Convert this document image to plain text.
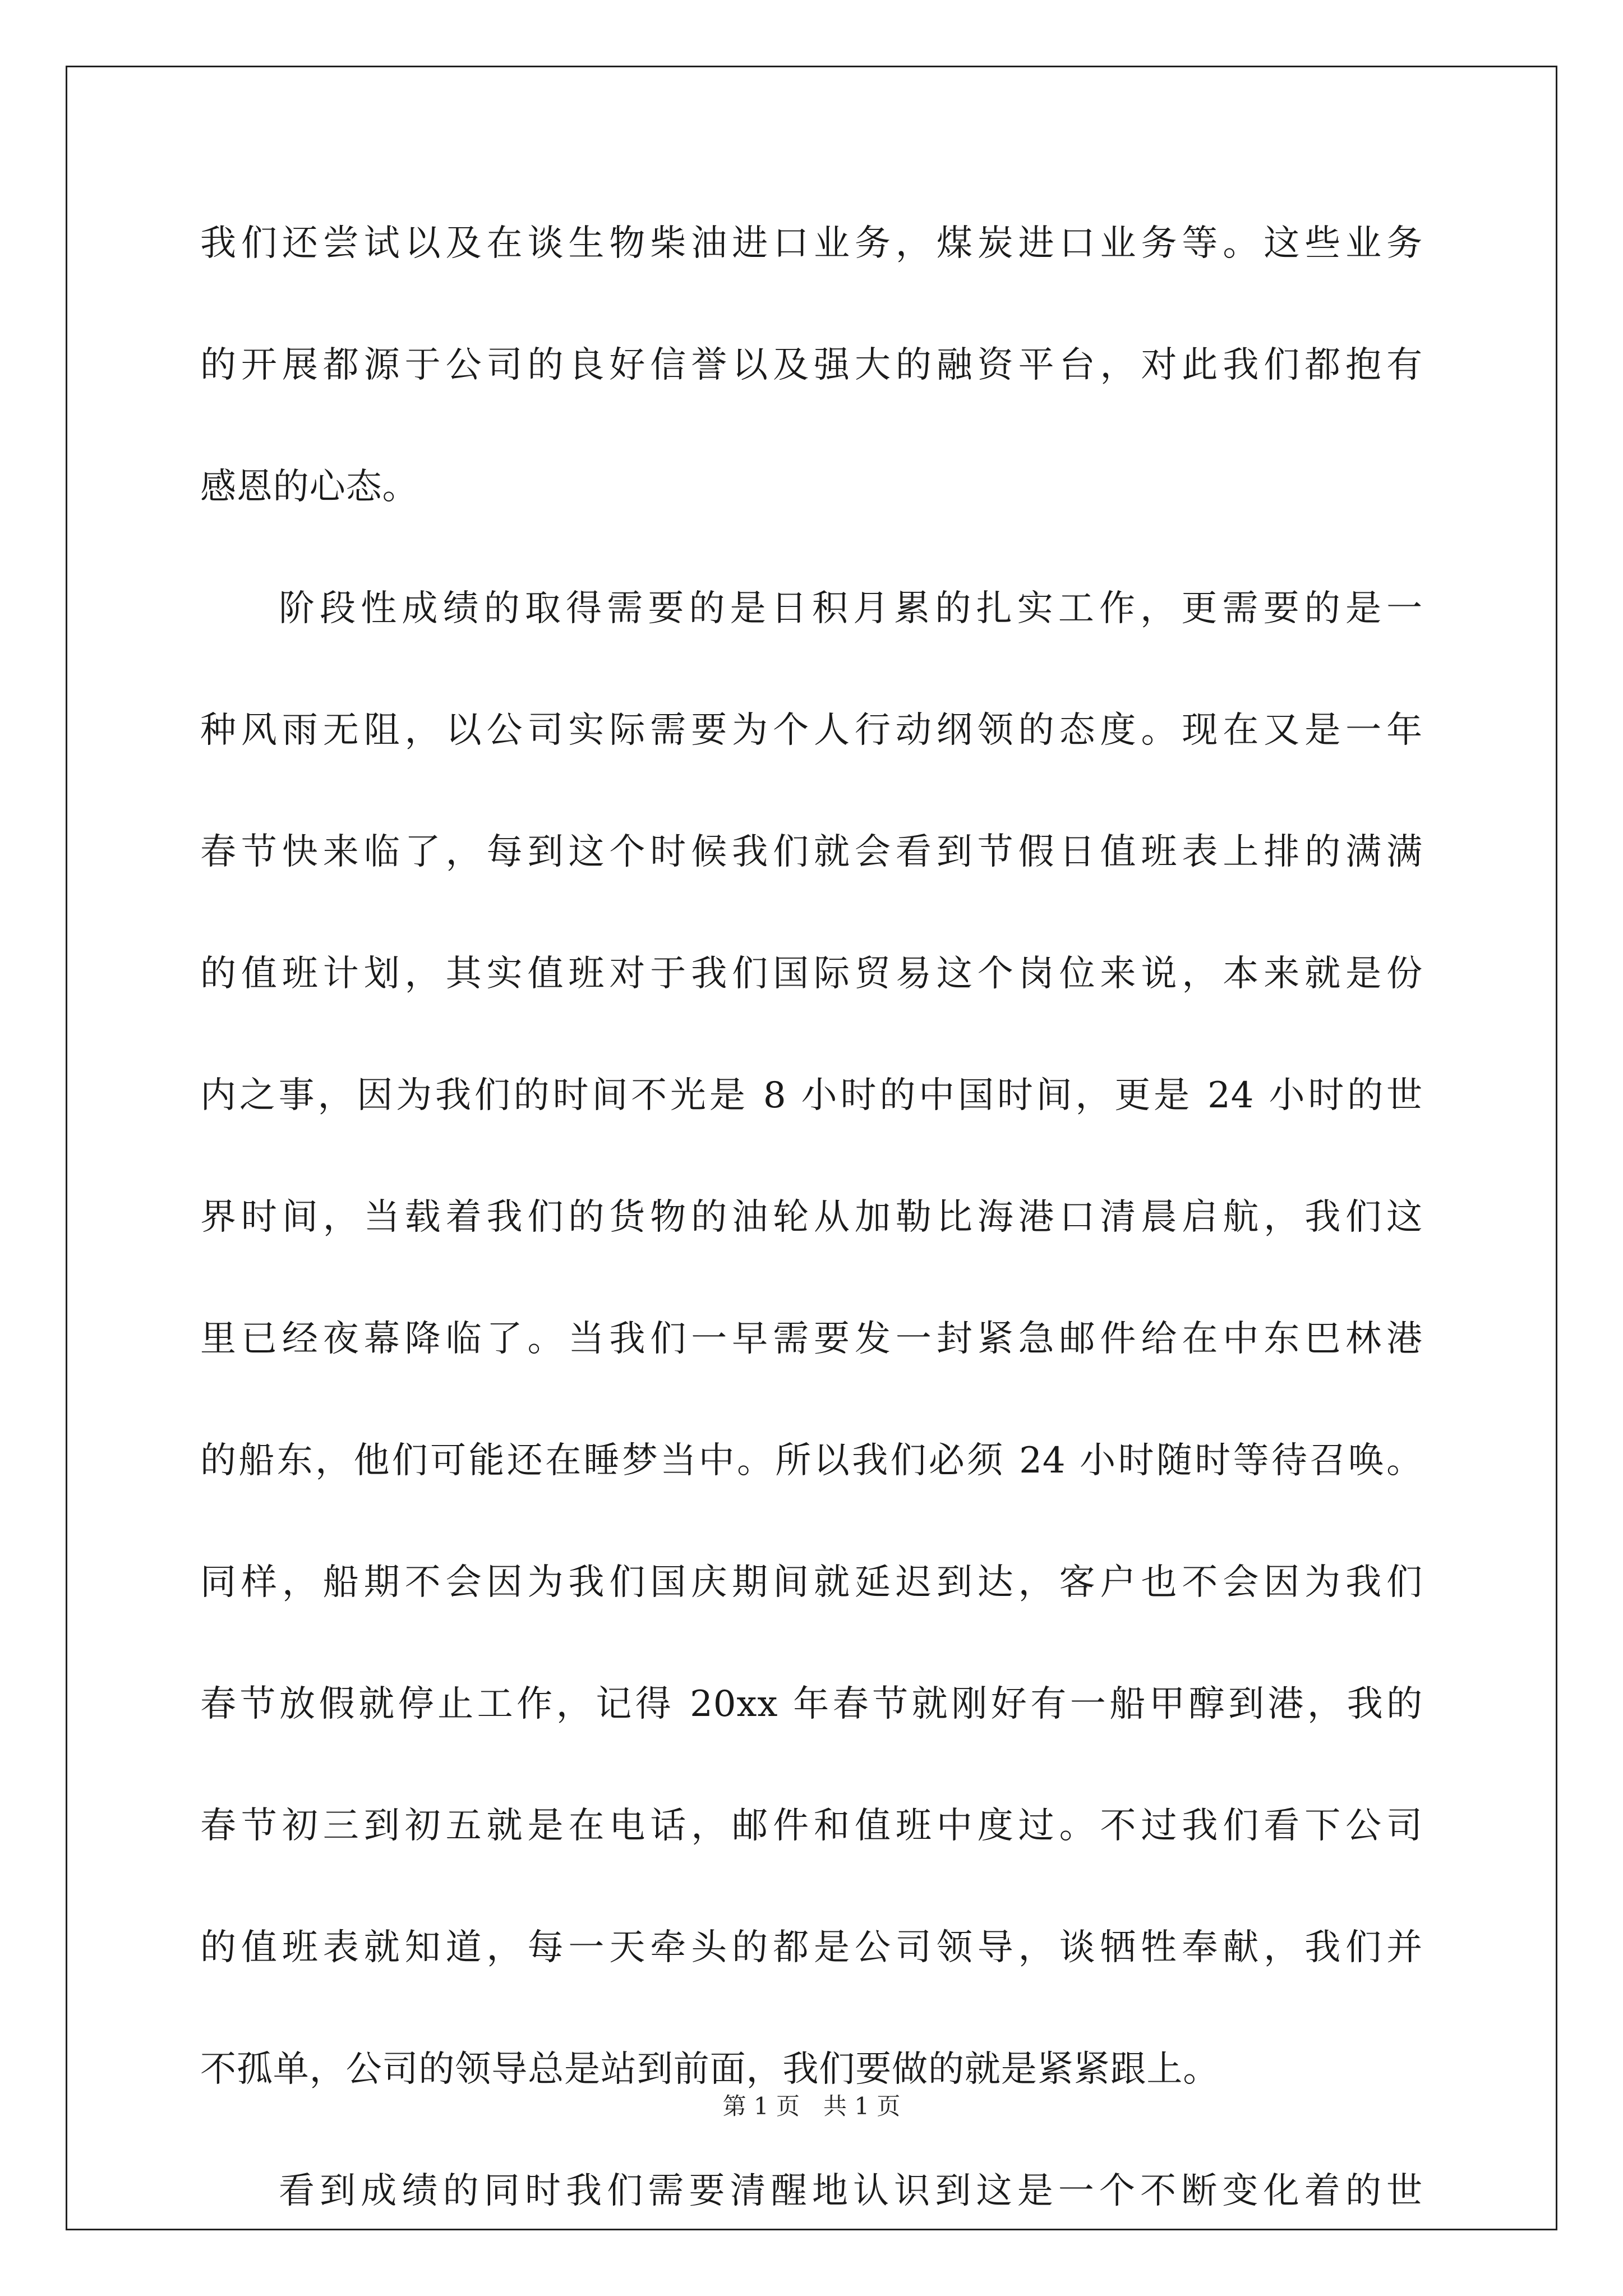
我们还尝试以及在谈生物柴油进口业务，煤炭进口业务等。这些业务
的开展都源于公司的良好信誉以及强大的融资平台，对此我们都抱有
感恩的心态。
阶段性成绩的取得需要的是日积月累的扎实工作，更需要的是一
种风雨无阻，以公司实际需要为个人行动纲领的态度。现在又是一年
春节快来临了，每到这个时候我们就会看到节假日值班表上排的满满
的值班计划，其实值班对于我们国际贸易这个岗位来说，本来就是份
内之事，因为我们的时间不光是 8 小时的中国时间，更是 24 小时的世
界时间，当载着我们的货物的油轮从加勒比海港口清晨启航，我们这
里已经夜幕降临了。当我们一早需要发一封紧急邮件给在中东巴林港
的船东，他们可能还在睡梦当中。所以我们必须 24 小时随时等待召唤。
同样，船期不会因为我们国庆期间就延迟到达，客户也不会因为我们
春节放假就停止工作，记得 20xx 年春节就刚好有一船甲醇到港，我的
春节初三到初五就是在电话，邮件和值班中度过。不过我们看下公司
的值班表就知道，每一天牵头的都是公司领导，谈牺牲奉献，我们并
不孤单，公司的领导总是站到前面，我们要做的就是紧紧跟上。
看到成绩的同时我们需要清醒地认识到这是一个不断变化着的世
第 1 页　共 1 页
